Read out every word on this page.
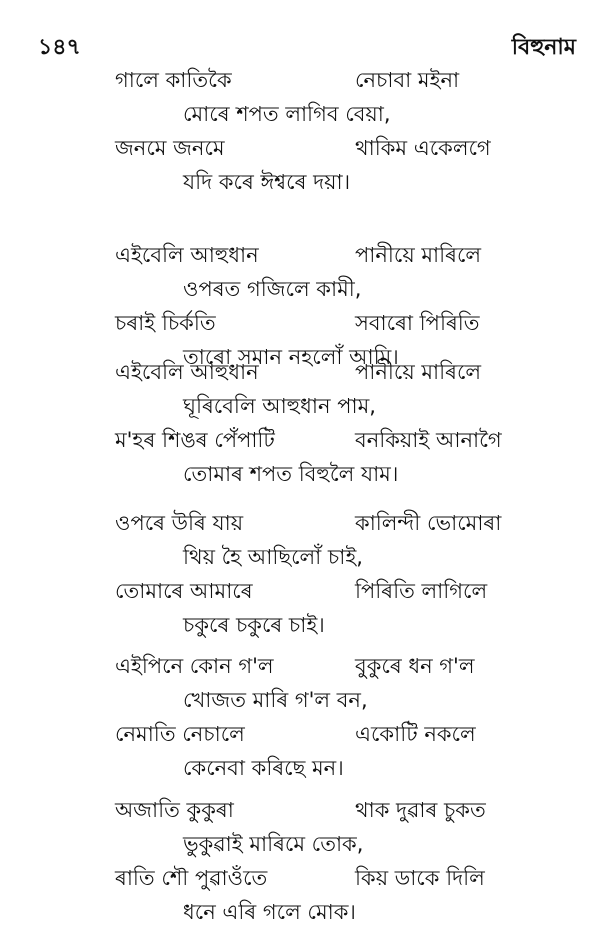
১৪৭	বিহুনাম
গালে কাতিকৈ	নেচাবা মইনা
মোৰে শপত লাগিব বেয়া,
জনমে জনমে	থাকিম একেলগে
যদি কৰে ঈশ্বৰে দয়া।
এইবেলি আহুধান	পানীয়ে মাৰিলে
ওপৰত গজিলে কামী,
চৰাই চিৰ্কতি	সবাৰো পিৰিতি
তাৰো সমান নহলোঁ আমি।
এইবেলি আহুধান	পানীয়ে মাৰিলে
ঘূৰিবেলি আহুধান পাম,
ম'হৰ শিঙৰ পেঁপাটি	বনকিয়াই আনাগৈ
তোমাৰ শপত বিহুলৈ যাম।
ওপৰে উৰি যায়	কালিন্দী ভোমোৰা
থিয় হৈ আছিলোঁ চাই,
তোমাৰে আমাৰে	পিৰিতি লাগিলে
চকুৰে চকুৰে চাই।
এইপিনে কোন গ'ল	বুকুৰে ধন গ'ল
খোজত মাৰি গ'ল বন,
নেমাতি নেচালে	একোটি নকলে
কেনেবা কৰিছে মন।
অজাতি কুকুৰা	থাক দুৱাৰ চুকত
ভুকুৱাই মাৰিমে তোক,
ৰাতি শৌ পুৱাওঁতে	কিয় ডাকে দিলি
ধনে এৰি গলে মোক।
